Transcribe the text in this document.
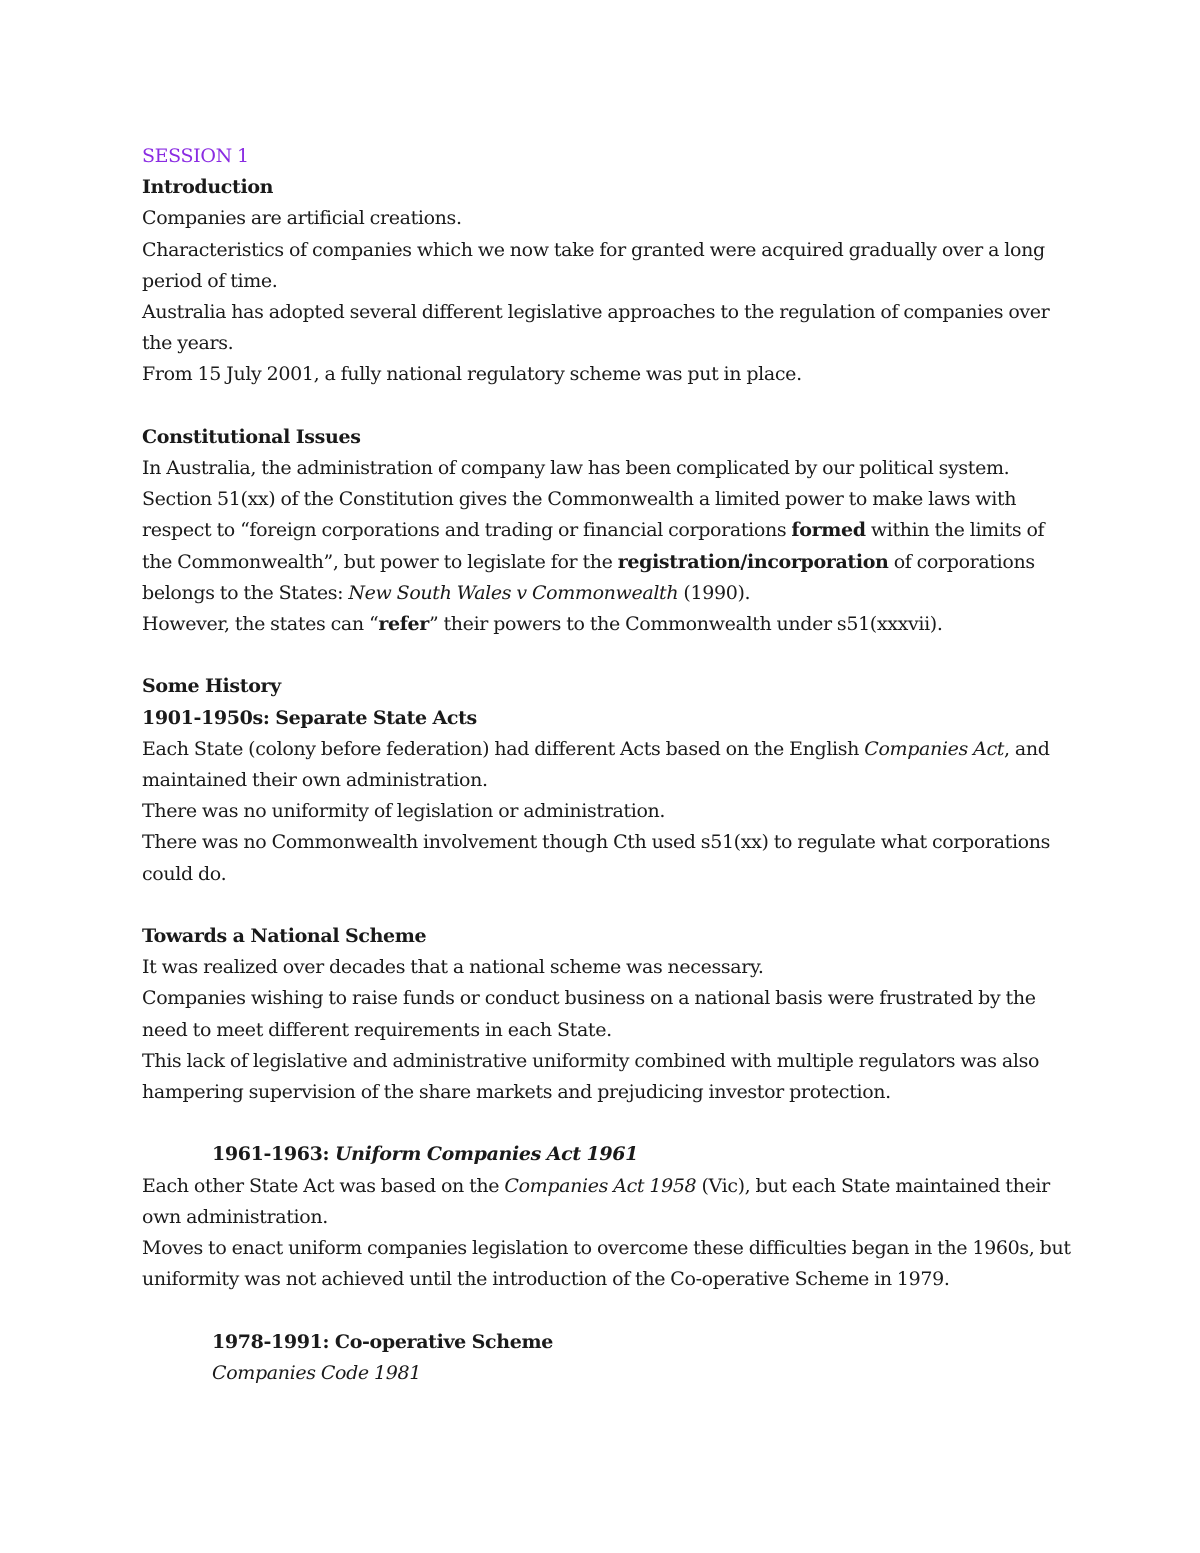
SESSION 1
Introduction
Companies are artificial creations.
Characteristics of companies which we now take for granted were acquired gradually over a long period of time.
Australia has adopted several different legislative approaches to the regulation of companies over the years.
From 15 July 2001, a fully national regulatory scheme was put in place.
Constitutional Issues
In Australia, the administration of company law has been complicated by our political system.
Section 51(xx) of the Constitution gives the Commonwealth a limited power to make laws with respect to “foreign corporations and trading or financial corporations formed within the limits of the Commonwealth”, but power to legislate for the registration/incorporation of corporations belongs to the States: New South Wales v Commonwealth (1990).
However, the states can “refer” their powers to the Commonwealth under s51(xxxvii).
Some History
1901-1950s: Separate State Acts
Each State (colony before federation) had different Acts based on the English Companies Act, and maintained their own administration.
There was no uniformity of legislation or administration.
There was no Commonwealth involvement though Cth used s51(xx) to regulate what corporations could do.
Towards a National Scheme
It was realized over decades that a national scheme was necessary.
Companies wishing to raise funds or conduct business on a national basis were frustrated by the need to meet different requirements in each State.
This lack of legislative and administrative uniformity combined with multiple regulators was also hampering supervision of the share markets and prejudicing investor protection.
1961-1963: Uniform Companies Act 1961
Each other State Act was based on the Companies Act 1958 (Vic), but each State maintained their own administration.
Moves to enact uniform companies legislation to overcome these difficulties began in the 1960s, but uniformity was not achieved until the introduction of the Co-operative Scheme in 1979.
1978-1991: Co-operative Scheme
Companies Code 1981
